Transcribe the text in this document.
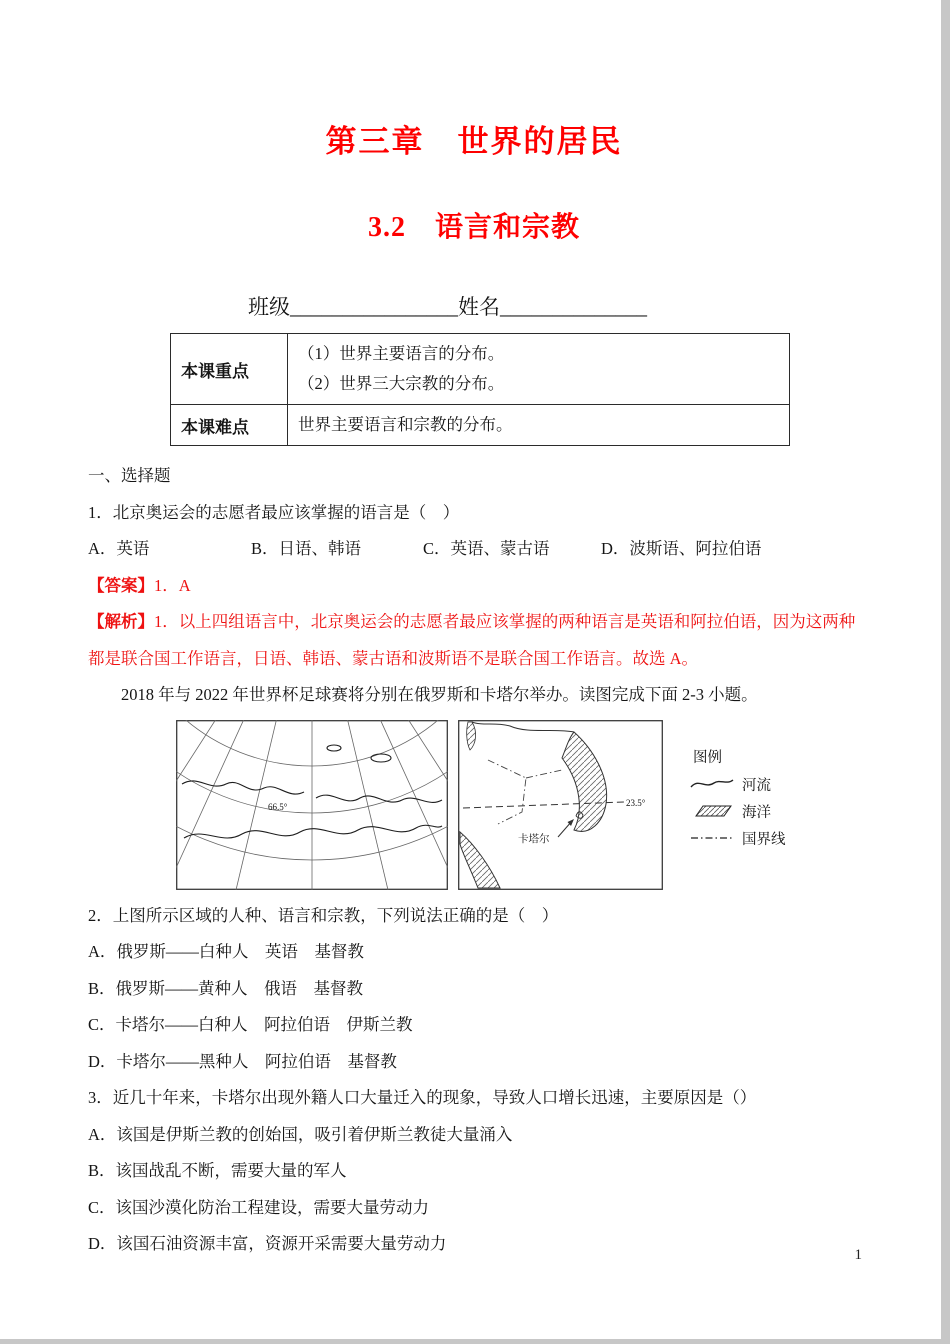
第三章　世界的居民
3.2　语言和宗教
班级________________姓名______________
本课重点	（1）世界主要语言的分布。
（2）世界三大宗教的分布。

本课难点	世界主要语言和宗教的分布。

一、选择题

1．北京奥运会的志愿者最应该掌握的语言是（　）

A．英语	B．日语、韩语	C．英语、蒙古语	D．波斯语、阿拉伯语

【答案】1．A

【解析】1．以上四组语言中，北京奥运会的志愿者最应该掌握的两种语言是英语和阿拉伯语，因为这两种都是联合国工作语言，日语、韩语、蒙古语和波斯语不是联合国工作语言。故选 A。

2018 年与 2022 年世界杯足球赛将分别在俄罗斯和卡塔尔举办。读图完成下面 2-3 小题。

66.5°	23.5°
卡塔尔
图例
河流
海洋
国界线

2．上图所示区域的人种、语言和宗教，下列说法正确的是（　）

A．俄罗斯——白种人　英语　基督教

B．俄罗斯——黄种人　俄语　基督教

C．卡塔尔——白种人　阿拉伯语　伊斯兰教

D．卡塔尔——黑种人　阿拉伯语　基督教

3．近几十年来，卡塔尔出现外籍人口大量迁入的现象，导致人口增长迅速，主要原因是（）

A．该国是伊斯兰教的创始国，吸引着伊斯兰教徒大量涌入

B．该国战乱不断，需要大量的军人

C．该国沙漠化防治工程建设，需要大量劳动力

D．该国石油资源丰富，资源开采需要大量劳动力

1
